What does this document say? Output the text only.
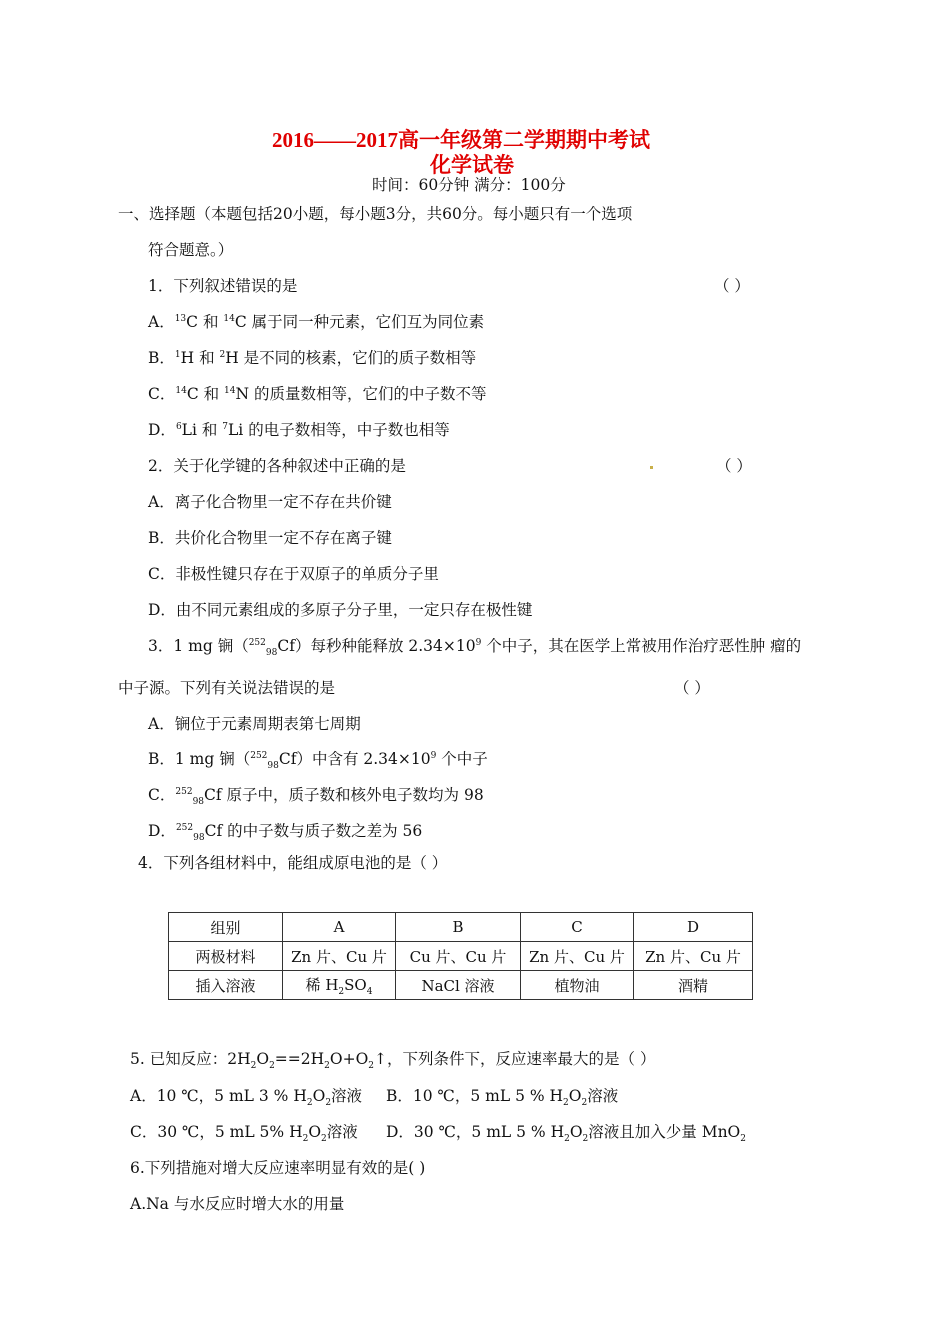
2016——2017高一年级第二学期期中考试
化学试卷
时间：60分钟 满分：100分
一、选择题（本题包括20小题，每小题3分，共60分。每小题只有一个选项
符合题意。）
1．下列叙述错误的是	（ ）
A．$^{13}$C 和 $^{14}$C 属于同一种元素，它们互为同位素
B．$^1$H 和 $^2$H 是不同的核素，它们的质子数相等
C．$^{14}$C 和 $^{14}$N 的质量数相等，它们的中子数不等
D．$^6$Li 和 $^7$Li 的电子数相等，中子数也相等
2．关于化学键的各种叙述中正确的是	（ ）
A．离子化合物里一定不存在共价键
B．共价化合物里一定不存在离子键
C．非极性键只存在于双原子的单质分子里
D．由不同元素组成的多原子分子里，一定只存在极性键
3．1 mg 锎（$^{252}_{98}$Cf）每秒种能释放 $2.34\times 10^9$ 个中子，其在医学上常被用作治疗恶性肿 瘤的
中子源。下列有关说法错误的是	（ ）
A．锎位于元素周期表第七周期
B．1 mg 锎（$^{252}_{98}$Cf）中含有 $2.34\times 10^9$ 个中子
C．$^{252}_{98}$Cf 原子中，质子数和核外电子数均为 98
D．$^{252}_{98}$Cf 的中子数与质子数之差为 56
4．下列各组材料中，能组成原电池的是（ ）
组别	A	B	C	D
两极材料	Zn 片、Cu 片	Cu 片、Cu 片	Zn 片、Cu 片	Zn 片、Cu 片
插入溶液	稀 $H_2SO_4$	NaCl 溶液	植物油	酒精
5. 已知反应：$2H_2O_2==2H_2O+O_2↑$，下列条件下，反应速率最大的是（ ）
A．10 ℃，5 mL 3 % $H_2O_2$溶液 B．10 ℃，5 mL 5 % $H_2O_2$溶液
C．30 ℃，5 mL 5% $H_2O_2$溶液 D．30 ℃，5 mL 5 % $H_2O_2$溶液且加入少量 MnO$_2$
6.下列措施对增大反应速率明显有效的是( )
A.Na 与水反应时增大水的用量
